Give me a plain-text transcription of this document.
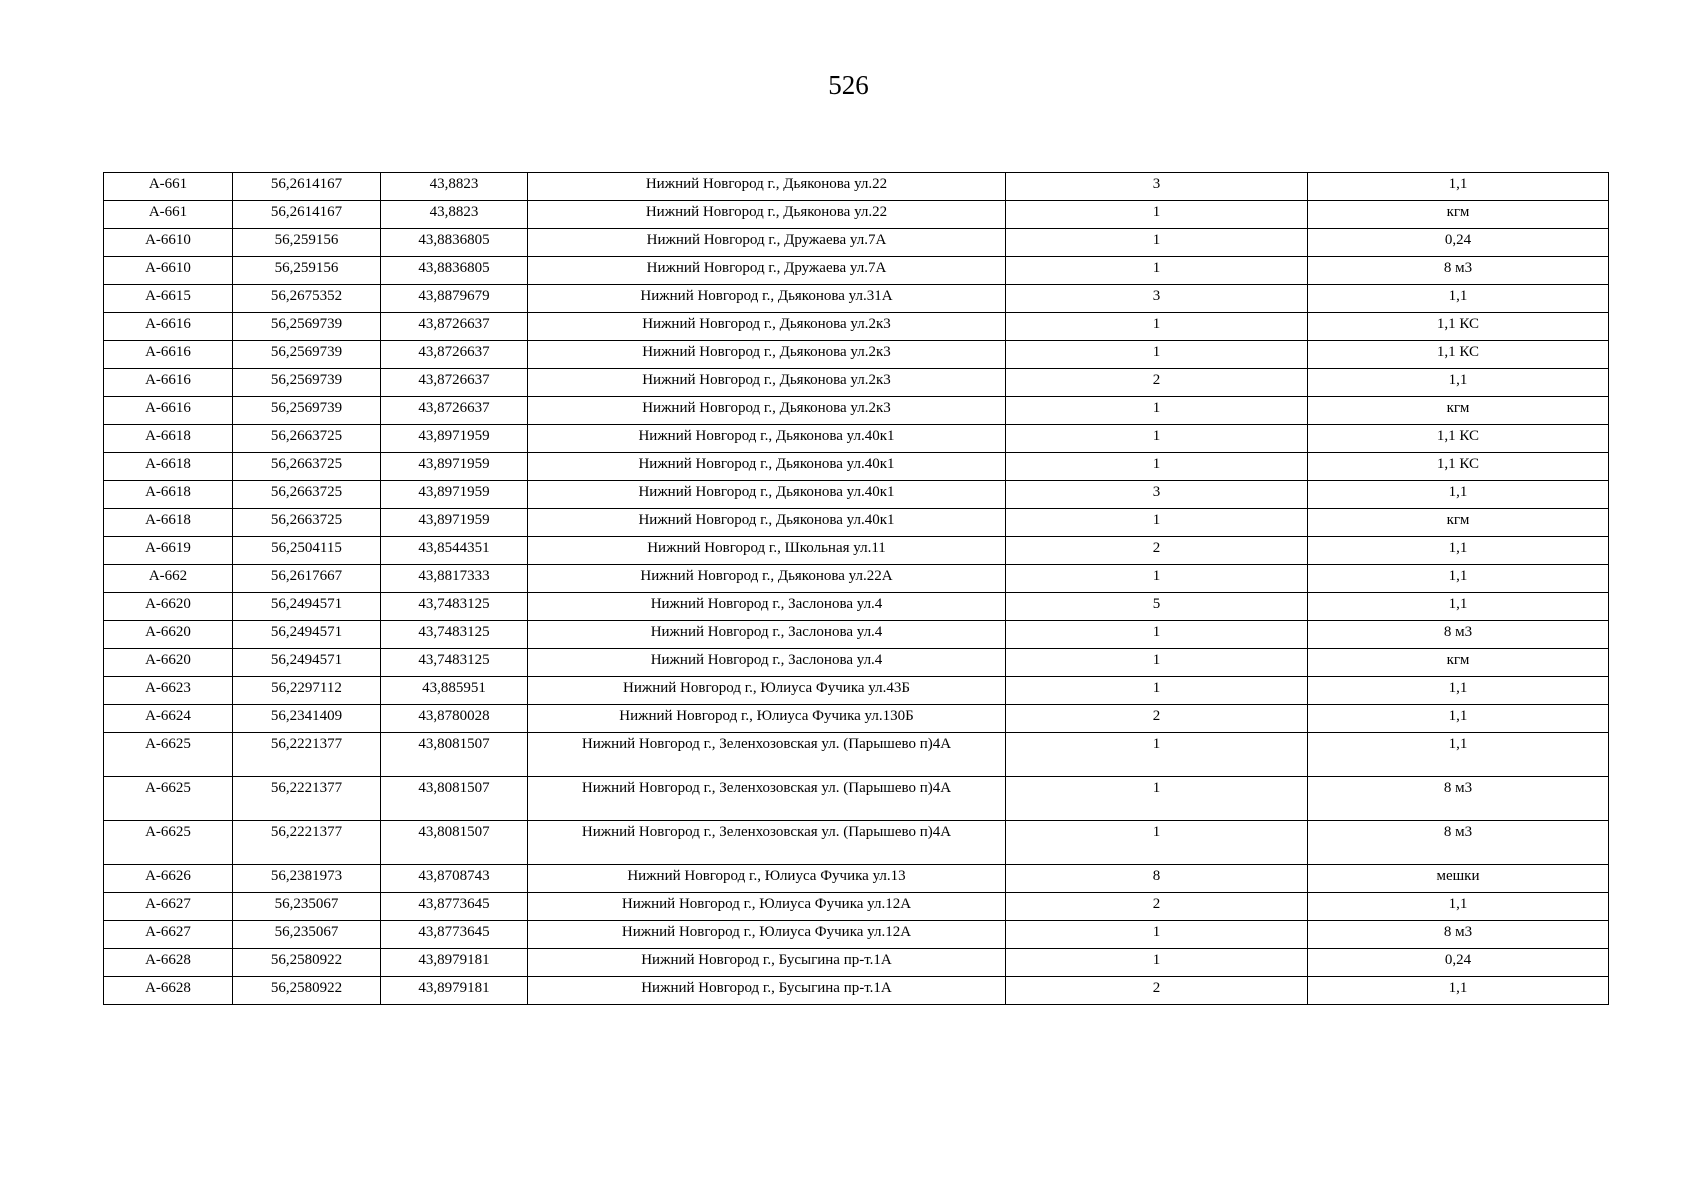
526
А-661	56,2614167	43,8823	Нижний Новгород г., Дьяконова ул.22	3	1,1
А-661	56,2614167	43,8823	Нижний Новгород г., Дьяконова ул.22	1	кгм
А-6610	56,259156	43,8836805	Нижний Новгород г., Дружаева ул.7А	1	0,24
А-6610	56,259156	43,8836805	Нижний Новгород г., Дружаева ул.7А	1	8 м3
А-6615	56,2675352	43,8879679	Нижний Новгород г., Дьяконова ул.31А	3	1,1
А-6616	56,2569739	43,8726637	Нижний Новгород г., Дьяконова ул.2к3	1	1,1 КС
А-6616	56,2569739	43,8726637	Нижний Новгород г., Дьяконова ул.2к3	1	1,1 КС
А-6616	56,2569739	43,8726637	Нижний Новгород г., Дьяконова ул.2к3	2	1,1
А-6616	56,2569739	43,8726637	Нижний Новгород г., Дьяконова ул.2к3	1	кгм
А-6618	56,2663725	43,8971959	Нижний Новгород г., Дьяконова ул.40к1	1	1,1 КС
А-6618	56,2663725	43,8971959	Нижний Новгород г., Дьяконова ул.40к1	1	1,1 КС
А-6618	56,2663725	43,8971959	Нижний Новгород г., Дьяконова ул.40к1	3	1,1
А-6618	56,2663725	43,8971959	Нижний Новгород г., Дьяконова ул.40к1	1	кгм
А-6619	56,2504115	43,8544351	Нижний Новгород г., Школьная ул.11	2	1,1
А-662	56,2617667	43,8817333	Нижний Новгород г., Дьяконова ул.22А	1	1,1
А-6620	56,2494571	43,7483125	Нижний Новгород г., Заслонова ул.4	5	1,1
А-6620	56,2494571	43,7483125	Нижний Новгород г., Заслонова ул.4	1	8 м3
А-6620	56,2494571	43,7483125	Нижний Новгород г., Заслонова ул.4	1	кгм
А-6623	56,2297112	43,885951	Нижний Новгород г., Юлиуса Фучика ул.43Б	1	1,1
А-6624	56,2341409	43,8780028	Нижний Новгород г., Юлиуса Фучика ул.130Б	2	1,1
А-6625	56,2221377	43,8081507	Нижний Новгород г., Зеленхозовская ул. (Парышево п)4А	1	1,1
А-6625	56,2221377	43,8081507	Нижний Новгород г., Зеленхозовская ул. (Парышево п)4А	1	8 м3
А-6625	56,2221377	43,8081507	Нижний Новгород г., Зеленхозовская ул. (Парышево п)4А	1	8 м3
А-6626	56,2381973	43,8708743	Нижний Новгород г., Юлиуса Фучика ул.13	8	мешки
А-6627	56,235067	43,8773645	Нижний Новгород г., Юлиуса Фучика ул.12А	2	1,1
А-6627	56,235067	43,8773645	Нижний Новгород г., Юлиуса Фучика ул.12А	1	8 м3
А-6628	56,2580922	43,8979181	Нижний Новгород г., Бусыгина пр-т.1А	1	0,24
А-6628	56,2580922	43,8979181	Нижний Новгород г., Бусыгина пр-т.1А	2	1,1
